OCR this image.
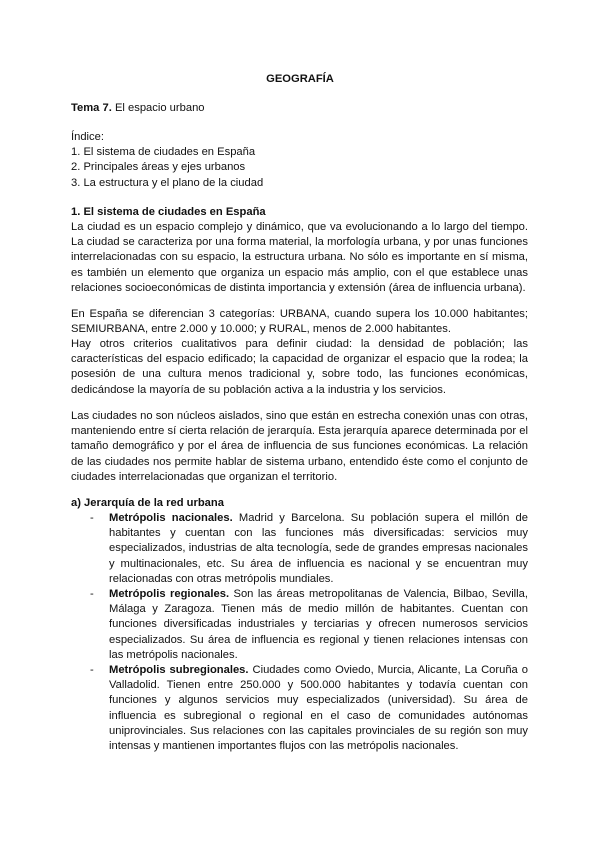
GEOGRAFÍA
Tema 7. El espacio urbano
Índice:
1. El sistema de ciudades en España
2. Principales áreas y ejes urbanos
3. La estructura y el plano de la ciudad
1. El sistema de ciudades en España
La ciudad es un espacio complejo y dinámico, que va evolucionando a lo largo del tiempo. La ciudad se caracteriza por una forma material, la morfología urbana, y por unas funciones interrelacionadas con su espacio, la estructura urbana. No sólo es importante en sí misma, es también un elemento que organiza un espacio más amplio, con el que establece unas relaciones socioeconómicas de distinta importancia y extensión (área de influencia urbana).
En España se diferencian 3 categorías: URBANA, cuando supera los 10.000 habitantes; SEMIURBANA, entre 2.000 y 10.000; y RURAL, menos de 2.000 habitantes.
Hay otros criterios cualitativos para definir ciudad: la densidad de población; las características del espacio edificado; la capacidad de organizar el espacio que la rodea; la posesión de una cultura menos tradicional y, sobre todo, las funciones económicas, dedicándose la mayoría de su población activa a la industria y los servicios.
Las ciudades no son núcleos aislados, sino que están en estrecha conexión unas con otras, manteniendo entre sí cierta relación de jerarquía. Esta jerarquía aparece determinada por el tamaño demográfico y por el área de influencia de sus funciones económicas. La relación de las ciudades nos permite hablar de sistema urbano, entendido éste como el conjunto de ciudades interrelacionadas que organizan el territorio.
a) Jerarquía de la red urbana
- Metrópolis nacionales. Madrid y Barcelona. Su población supera el millón de habitantes y cuentan con las funciones más diversificadas: servicios muy especializados, industrias de alta tecnología, sede de grandes empresas nacionales y multinacionales, etc. Su área de influencia es nacional y se encuentran muy relacionadas con otras metrópolis mundiales.
- Metrópolis regionales. Son las áreas metropolitanas de Valencia, Bilbao, Sevilla, Málaga y Zaragoza. Tienen más de medio millón de habitantes. Cuentan con funciones diversificadas industriales y terciarias y ofrecen numerosos servicios especializados. Su área de influencia es regional y tienen relaciones intensas con las metrópolis nacionales.
- Metrópolis subregionales. Ciudades como Oviedo, Murcia, Alicante, La Coruña o Valladolid. Tienen entre 250.000 y 500.000 habitantes y todavía cuentan con funciones y algunos servicios muy especializados (universidad). Su área de influencia es subregional o regional en el caso de comunidades autónomas uniprovinciales. Sus relaciones con las capitales provinciales de su región son muy intensas y mantienen importantes flujos con las metrópolis nacionales.
